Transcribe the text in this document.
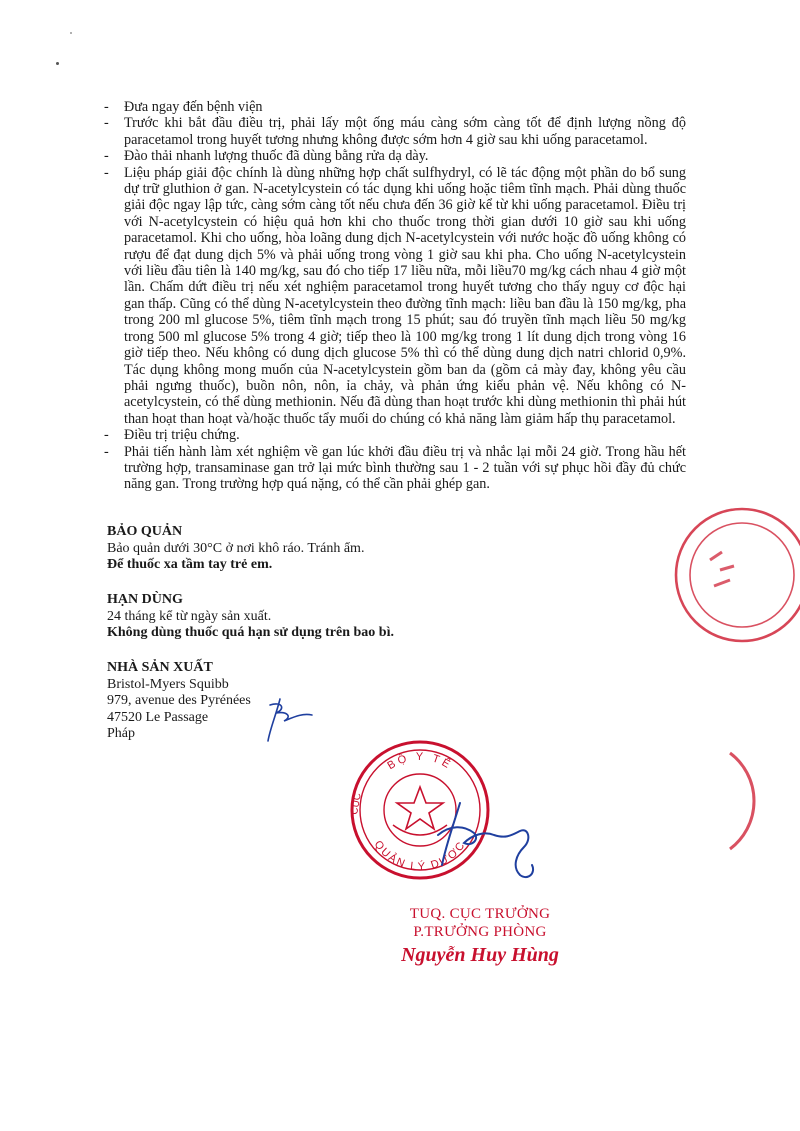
- Đưa ngay đến bệnh viện
- Trước khi bắt đầu điều trị, phải lấy một ống máu càng sớm càng tốt để định lượng nồng độ paracetamol trong huyết tương nhưng không được sớm hơn 4 giờ sau khi uống paracetamol.
- Đào thải nhanh lượng thuốc đã dùng bằng rửa dạ dày.
- Liệu pháp giải độc chính là dùng những hợp chất sulfhydryl, có lẽ tác động một phần do bổ sung dự trữ gluthion ở gan. N-acetylcystein có tác dụng khi uống hoặc tiêm tĩnh mạch. Phải dùng thuốc giải độc ngay lập tức, càng sớm càng tốt nếu chưa đến 36 giờ kể từ khi uống paracetamol. Điều trị với N-acetylcystein có hiệu quả hơn khi cho thuốc trong thời gian dưới 10 giờ sau khi uống paracetamol. Khi cho uống, hòa loãng dung dịch N-acetylcystein với nước hoặc đồ uống không có rượu để đạt dung dịch 5% và phải uống trong vòng 1 giờ sau khi pha. Cho uống N-acetylcystein với liều đầu tiên là 140 mg/kg, sau đó cho tiếp 17 liều nữa, mỗi liều70 mg/kg cách nhau 4 giờ một lần. Chấm dứt điều trị nếu xét nghiệm paracetamol trong huyết tương cho thấy nguy cơ độc hại gan thấp. Cũng có thể dùng N-acetylcystein theo đường tĩnh mạch: liều ban đầu là 150 mg/kg, pha trong 200 ml glucose 5%, tiêm tĩnh mạch trong 15 phút; sau đó truyền tĩnh mạch liều 50 mg/kg trong 500 ml glucose 5% trong 4 giờ; tiếp theo là 100 mg/kg trong 1 lít dung dịch trong vòng 16 giờ tiếp theo. Nếu không có dung dịch glucose 5% thì có thể dùng dung dịch natri chlorid 0,9%. Tác dụng không mong muốn của N-acetylcystein gồm ban da (gồm cả mày đay, không yêu cầu phải ngưng thuốc), buồn nôn, nôn, ỉa chảy, và phản ứng kiểu phản vệ. Nếu không có N-acetylcystein, có thể dùng methionin. Nếu đã dùng than hoạt trước khi dùng methionin thì phải hút than hoạt than hoạt và/hoặc thuốc tẩy muối do chúng có khả năng làm giảm hấp thụ paracetamol.
- Điều trị triệu chứng.
- Phải tiến hành làm xét nghiệm về gan lúc khởi đầu điều trị và nhắc lại mỗi 24 giờ. Trong hầu hết trường hợp, transaminase gan trở lại mức bình thường sau 1 - 2 tuần với sự phục hồi đầy đủ chức năng gan. Trong trường hợp quá nặng, có thể cần phải ghép gan.
BẢO QUẢN
Bảo quản dưới 30°C ở nơi khô ráo. Tránh ẩm.
Để thuốc xa tầm tay trẻ em.
HẠN DÙNG
24 tháng kể từ ngày sản xuất.
Không dùng thuốc quá hạn sử dụng trên bao bì.
NHÀ SẢN XUẤT
Bristol-Myers Squibb
979, avenue des Pyrénées
47520 Le Passage
Pháp
BỘ Y TẾ
QUẢN LÝ DƯỢC
CỤC
TUQ. CỤC TRƯỞNG
P.TRƯỞNG PHÒNG
Nguyễn Huy Hùng
